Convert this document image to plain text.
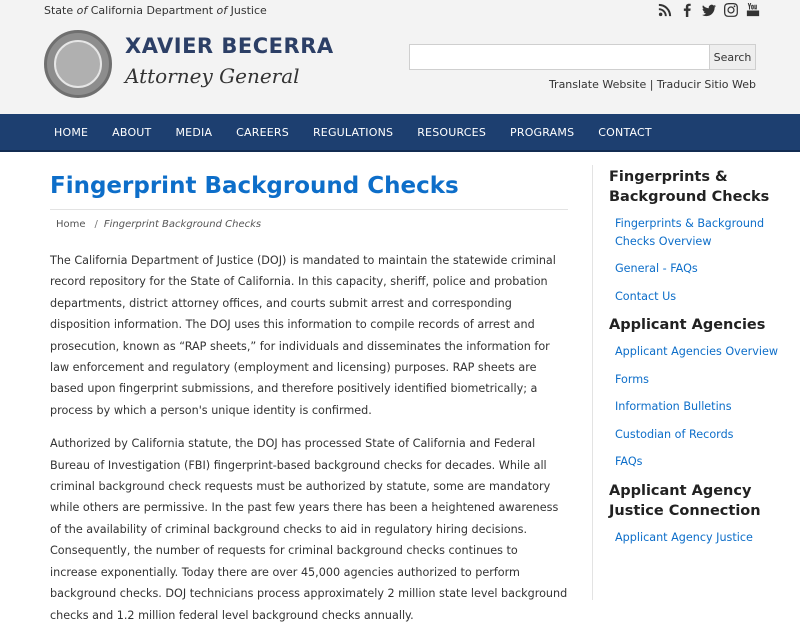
State of California Department of Justice
XAVIER BECERRA
Attorney General
Search
Translate Website | Traducir Sitio Web
HOME	ABOUT	MEDIA	CAREERS	REGULATIONS	RESOURCES	PROGRAMS	CONTACT
Fingerprint Background Checks
Home / Fingerprint Background Checks

The California Department of Justice (DOJ) is mandated to maintain the statewide criminal record repository for the State of California. In this capacity, sheriff, police and probation departments, district attorney offices, and courts submit arrest and corresponding disposition information. The DOJ uses this information to compile records of arrest and prosecution, known as “RAP sheets,” for individuals and disseminates the information for law enforcement and regulatory (employment and licensing) purposes. RAP sheets are based upon fingerprint submissions, and therefore positively identified biometrically; a process by which a person's unique identity is confirmed.

Authorized by California statute, the DOJ has processed State of California and Federal Bureau of Investigation (FBI) fingerprint-based background checks for decades. While all criminal background check requests must be authorized by statute, some are mandatory while others are permissive. In the past few years there has been a heightened awareness of the availability of criminal background checks to aid in regulatory hiring decisions. Consequently, the number of requests for criminal background checks continues to increase exponentially. Today there are over 45,000 agencies authorized to perform background checks. DOJ technicians process approximately 2 million state level background checks and 1.2 million federal level background checks annually.

Fingerprints & Background Checks
Fingerprints & Background Checks Overview
General - FAQs
Contact Us
Applicant Agencies
Applicant Agencies Overview
Forms
Information Bulletins
Custodian of Records
FAQs
Applicant Agency Justice Connection
Applicant Agency Justice
